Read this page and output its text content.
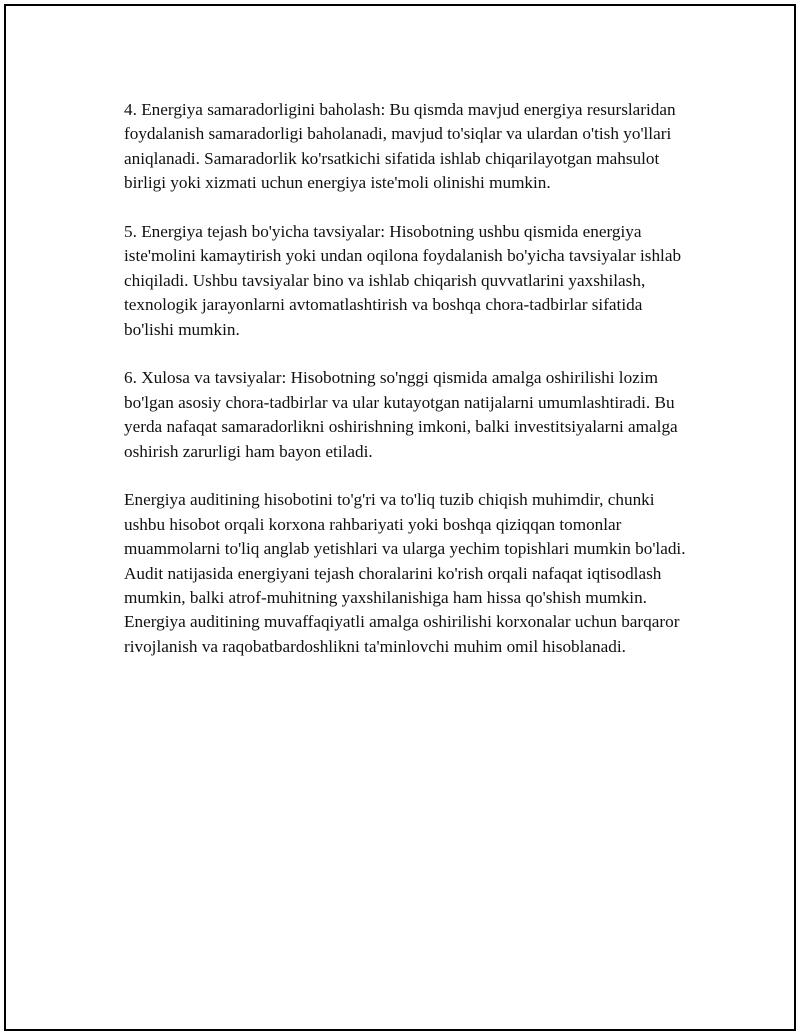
4. Energiya samaradorligini baholash: Bu qismda mavjud energiya resurslaridan foydalanish samaradorligi baholanadi, mavjud to'siqlar va ulardan o'tish yo'llari aniqlanadi. Samaradorlik ko'rsatkichi sifatida ishlab chiqarilayotgan mahsulot birligi yoki xizmati uchun energiya iste'moli olinishi mumkin.

5. Energiya tejash bo'yicha tavsiyalar: Hisobotning ushbu qismida energiya iste'molini kamaytirish yoki undan oqilona foydalanish bo'yicha tavsiyalar ishlab chiqiladi. Ushbu tavsiyalar bino va ishlab chiqarish quvvatlarini yaxshilash, texnologik jarayonlarni avtomatlashtirish va boshqa chora-tadbirlar sifatida bo'lishi mumkin.

6. Xulosa va tavsiyalar: Hisobotning so'nggi qismida amalga oshirilishi lozim bo'lgan asosiy chora-tadbirlar va ular kutayotgan natijalarni umumlashtiradi. Bu yerda nafaqat samaradorlikni oshirishning imkoni, balki investitsiyalarni amalga oshirish zarurligi ham bayon etiladi.

Energiya auditining hisobotini to'g'ri va to'liq tuzib chiqish muhimdir, chunki ushbu hisobot orqali korxona rahbariyati yoki boshqa qiziqqan tomonlar muammolarni to'liq anglab yetishlari va ularga yechim topishlari mumkin bo'ladi. Audit natijasida energiyani tejash choralarini ko'rish orqali nafaqat iqtisodlash mumkin, balki atrof-muhitning yaxshilanishiga ham hissa qo'shish mumkin. Energiya auditining muvaffaqiyatli amalga oshirilishi korxonalar uchun barqaror rivojlanish va raqobatbardoshlikni ta'minlovchi muhim omil hisoblanadi.
